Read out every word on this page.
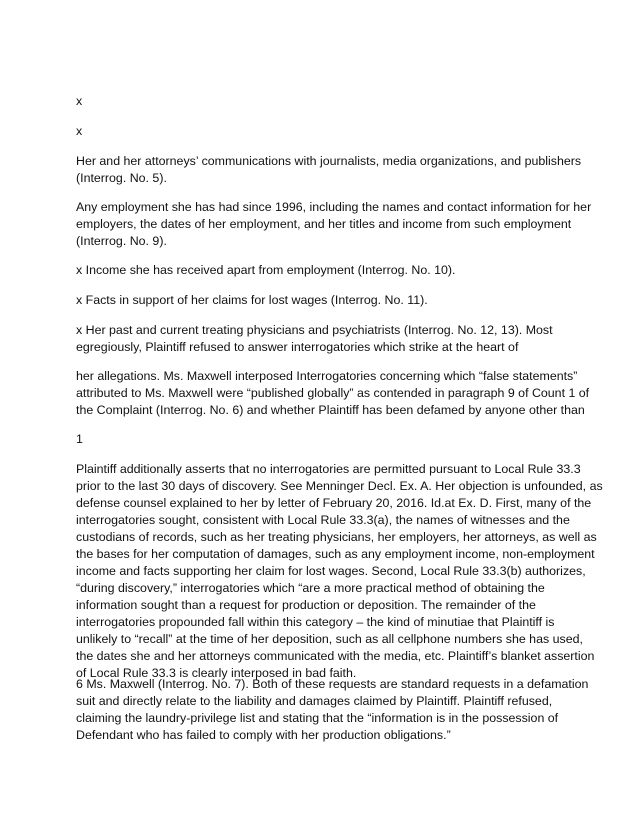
x
x
Her and her attorneys’ communications with journalists, media organizations, and publishers
(Interrog. No. 5).
Any employment she has had since 1996, including the names and contact information for her
employers, the dates of her employment, and her titles and income from such employment
(Interrog. No. 9).
x Income she has received apart from employment (Interrog. No. 10).
x Facts in support of her claims for lost wages (Interrog. No. 11).
x Her past and current treating physicians and psychiatrists (Interrog. No. 12, 13). Most
egregiously, Plaintiff refused to answer interrogatories which strike at the heart of
her allegations. Ms. Maxwell interposed Interrogatories concerning which “false statements”
attributed to Ms. Maxwell were “published globally” as contended in paragraph 9 of Count 1 of
the Complaint (Interrog. No. 6) and whether Plaintiff has been defamed by anyone other than
1
Plaintiff additionally asserts that no interrogatories are permitted pursuant to Local Rule 33.3
prior to the last 30 days of discovery. See Menninger Decl. Ex. A. Her objection is unfounded, as
defense counsel explained to her by letter of February 20, 2016. Id.at Ex. D. First, many of the
interrogatories sought, consistent with Local Rule 33.3(a), the names of witnesses and the
custodians of records, such as her treating physicians, her employers, her attorneys, as well as
the bases for her computation of damages, such as any employment income, non-employment
income and facts supporting her claim for lost wages. Second, Local Rule 33.3(b) authorizes,
“during discovery,” interrogatories which “are a more practical method of obtaining the
information sought than a request for production or deposition. The remainder of the
interrogatories propounded fall within this category – the kind of minutiae that Plaintiff is
unlikely to “recall” at the time of her deposition, such as all cellphone numbers she has used,
the dates she and her attorneys communicated with the media, etc. Plaintiff’s blanket assertion
of Local Rule 33.3 is clearly interposed in bad faith.
6 Ms. Maxwell (Interrog. No. 7). Both of these requests are standard requests in a defamation
suit and directly relate to the liability and damages claimed by Plaintiff. Plaintiff refused,
claiming the laundry-privilege list and stating that the “information is in the possession of
Defendant who has failed to comply with her production obligations.”
